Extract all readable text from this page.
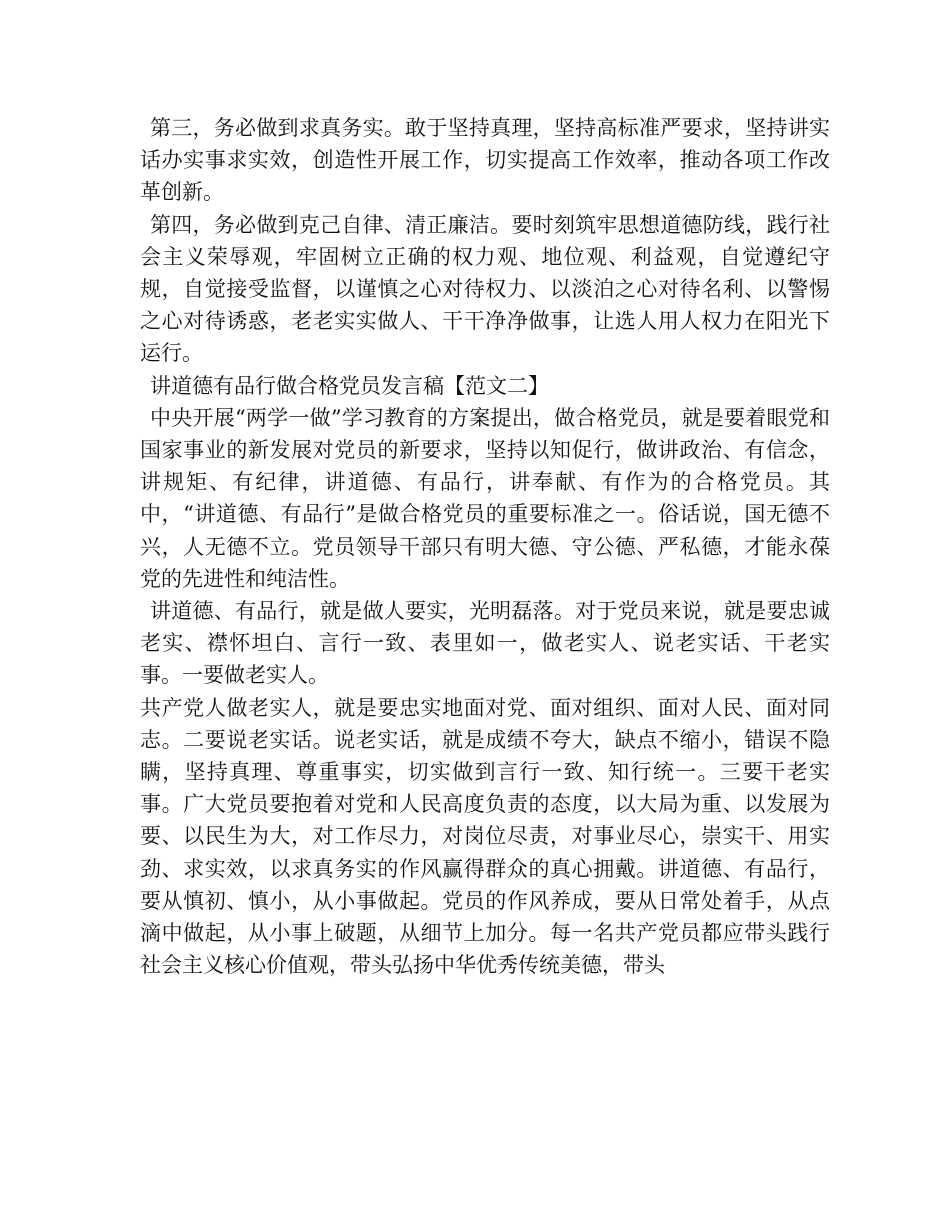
第三，务必做到求真务实。敢于坚持真理，坚持高标准严要求，坚持讲实话办实事求实效，创造性开展工作，切实提高工作效率，推动各项工作改革创新。

第四，务必做到克己自律、清正廉洁。要时刻筑牢思想道德防线，践行社会主义荣辱观，牢固树立正确的权力观、地位观、利益观，自觉遵纪守规，自觉接受监督，以谨慎之心对待权力、以淡泊之心对待名利、以警惕之心对待诱惑，老老实实做人、干干净净做事，让选人用人权力在阳光下运行。

讲道德有品行做合格党员发言稿【范文二】

中央开展“两学一做”学习教育的方案提出，做合格党员，就是要着眼党和国家事业的新发展对党员的新要求，坚持以知促行，做讲政治、有信念，讲规矩、有纪律，讲道德、有品行，讲奉献、有作为的合格党员。其中，“讲道德、有品行”是做合格党员的重要标准之一。俗话说，国无德不兴，人无德不立。党员领导干部只有明大德、守公德、严私德，才能永葆党的先进性和纯洁性。

讲道德、有品行，就是做人要实，光明磊落。对于党员来说，就是要忠诚老实、襟怀坦白、言行一致、表里如一，做老实人、说老实话、干老实事。一要做老实人。

共产党人做老实人，就是要忠实地面对党、面对组织、面对人民、面对同志。二要说老实话。说老实话，就是成绩不夸大，缺点不缩小，错误不隐瞒，坚持真理、尊重事实，切实做到言行一致、知行统一。三要干老实事。广大党员要抱着对党和人民高度负责的态度，以大局为重、以发展为要、以民生为大，对工作尽力，对岗位尽责，对事业尽心，崇实干、用实劲、求实效，以求真务实的作风赢得群众的真心拥戴。讲道德、有品行，要从慎初、慎小，从小事做起。党员的作风养成，要从日常处着手，从点滴中做起，从小事上破题，从细节上加分。每一名共产党员都应带头践行社会主义核心价值观，带头弘扬中华优秀传统美德，带头
